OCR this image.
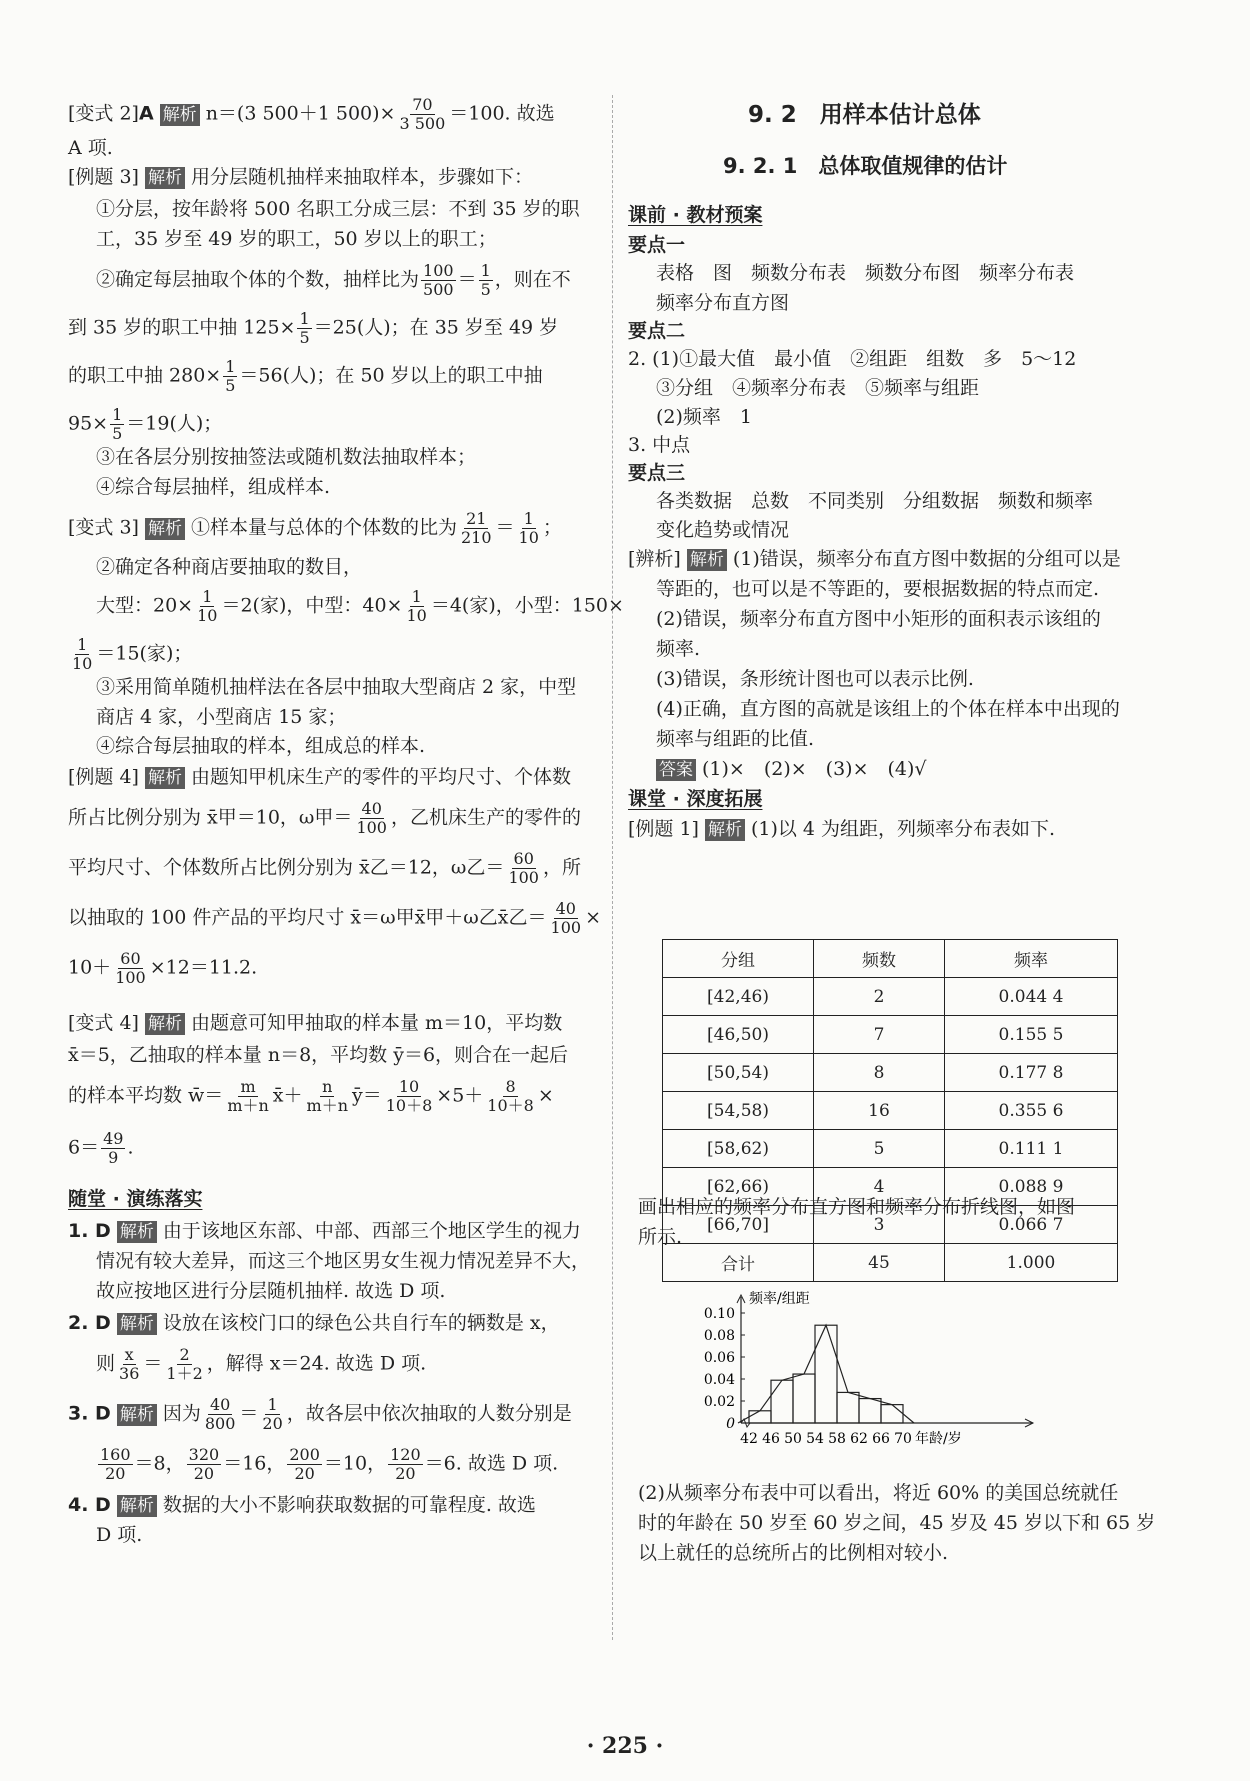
[变式 2]A 解析 n＝(3 500＋1 $500)\times \frac{70}{3 500} =100$. 故选
A 项.
[例题 3] 解析 用分层随机抽样来抽取样本，步骤如下：
①分层，按年龄将 500 名职工分成三层：不到 35 岁的职
工，35 岁至 49 岁的职工，50 岁以上的职工；
②确定每层抽取个体的个数，抽样比为 $\frac{100}{500} = \frac{1}{5}$ ，则在不
到 35 岁的职工中抽 $125\times \frac{1}{5} =25$(人)；在 35 岁至 49 岁
的职工中抽 $280\times \frac{1}{5} =56$(人)；在 50 岁以上的职工中抽
$95\times \frac{1}{5} =19$(人)；
③在各层分别按抽签法或随机数法抽取样本；
④综合每层抽样，组成样本.
[变式 3] 解析 ①样本量与总体的个体数的比为 $\frac{21}{210} = \frac{1}{10}$ ；
②确定各种商店要抽取的数目，
大型：$20\times \frac{1}{10} =2$(家)，中型：$40\times \frac{1}{10} =4$(家)，小型：150×
$\frac{1}{10} =15$(家)；
③采用简单随机抽样法在各层中抽取大型商店 2 家，中型
商店 4 家，小型商店 15 家；
④综合每层抽取的样本，组成总的样本.
[例题 4] 解析 由题知甲机床生产的零件的平均尺寸、个体数
所占比例分别为 x̄甲＝10，ω甲＝ $\frac{40}{100}$ ，乙机床生产的零件的
平均尺寸、个体数所占比例分别为 x̄乙＝12，ω乙＝ $\frac{60}{100}$ ，所
以抽取的 100 件产品的平均尺寸 x̄＝ω甲x̄甲＋ω乙x̄乙＝ $\frac{40}{100}$ ×
$10+ \frac{60}{100} \times 12=11.2$.
[变式 4] 解析 由题意可知甲抽取的样本量 m＝10，平均数
x̄＝5，乙抽取的样本量 n＝8，平均数 ȳ＝6，则合在一起后
的样本平均数 w̄＝ $\frac{m}{m+n}$ x̄＋ $\frac{n}{m+n}$ ȳ＝ $\frac{10}{10+8} \times 5+ \frac{8}{10+8}$ ×
$6= \frac{49}{9}$ .
随堂 · 演练落实
1. D 解析 由于该地区东部、中部、西部三个地区学生的视力
情况有较大差异，而这三个地区男女生视力情况差异不大，
故应按地区进行分层随机抽样. 故选 D 项.
2. D 解析 设放在该校门口的绿色公共自行车的辆数是 x，
则 $\frac{x}{36} = \frac{2}{1+2}$ ，解得 x＝24. 故选 D 项.
3. D 解析 因为 $\frac{40}{800} = \frac{1}{20}$ ，故各层中依次抽取的人数分别是
$\frac{160}{20} =8$， $\frac{320}{20} =16$， $\frac{200}{20} =10$， $\frac{120}{20} =6$. 故选 D 项.
4. D 解析 数据的大小不影响获取数据的可靠程度. 故选
D 项.
9. 2　用样本估计总体
9. 2. 1　总体取值规律的估计
课前 · 教材预案
要点一
表格　图　频数分布表　频数分布图　频率分布表
频率分布直方图
要点二
2. (1)①最大值　最小值　②组距　组数　多　5～12
③分组　④频率分布表　⑤频率与组距
(2)频率　1
3. 中点
要点三
各类数据　总数　不同类别　分组数据　频数和频率
变化趋势或情况
[辨析] 解析 (1)错误，频率分布直方图中数据的分组可以是
等距的，也可以是不等距的，要根据数据的特点而定.
(2)错误，频率分布直方图中小矩形的面积表示该组的
频率.
(3)错误，条形统计图也可以表示比例.
(4)正确，直方图的高就是该组上的个体在样本中出现的
频率与组距的比值.
答案 (1)×　(2)×　(3)×　(4)√
课堂 · 深度拓展
[例题 1] 解析 (1)以 4 为组距，列频率分布表如下.
分组	频数	频率
[42,46)	2	0.044 4
[46,50)	7	0.155 5
[50,54)	8	0.177 8
[54,58)	16	0.355 6
[58,62)	5	0.111 1
[62,66)	4	0.088 9
[66,70]	3	0.066 7
合计	45	1.000
画出相应的频率分布直方图和频率分布折线图，如图
所示.
0
0.02
0.04
0.06
0.08
0.10
42 46 50 54 58 62 66 70 年龄/岁
频率/组距
(2)从频率分布表中可以看出，将近 60% 的美国总统就任
时的年龄在 50 岁至 60 岁之间，45 岁及 45 岁以下和 65 岁
以上就任的总统所占的比例相对较小.
· 225 ·
